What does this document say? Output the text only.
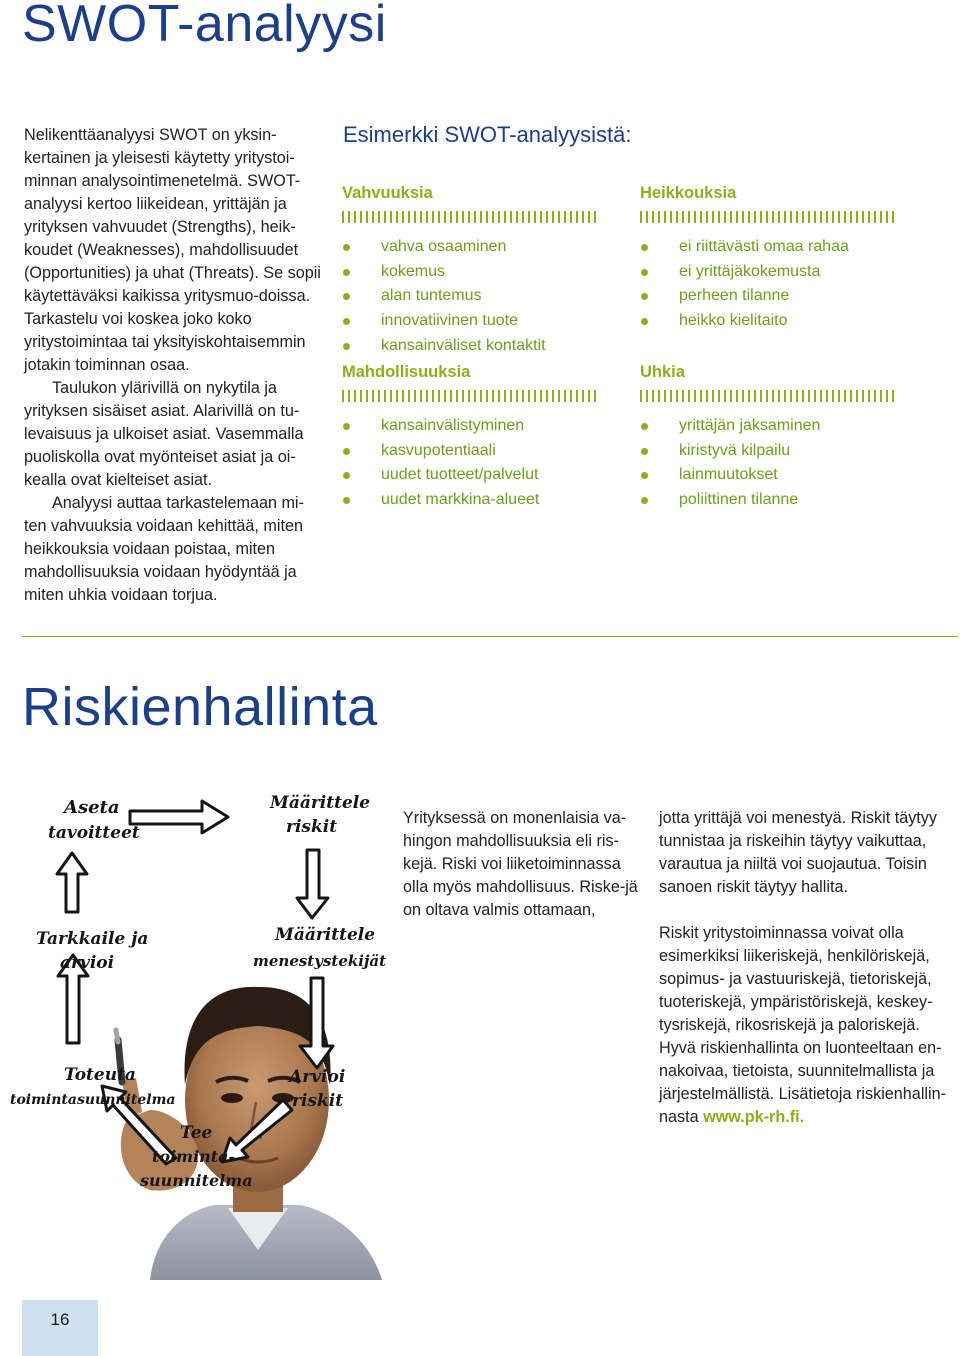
SWOT-analyysi

Nelikenttäanalyysi SWOT on yksin-kertainen ja yleisesti käytetty yritystoi-minnan analysointimenetelmä. SWOT-analyysi kertoo liikeidean, yrittäjän ja yrityksen vahvuudet (Strengths), heik-koudet (Weaknesses), mahdollisuudet (Opportunities) ja uhat (Threats). Se sopii käytettäväksi kaikissa yritysmuo-doissa. Tarkastelu voi koskea joko koko yritystoimintaa tai yksityiskohtaisemmin jotakin toiminnan osaa.

Taulukon ylärivillä on nykytila ja yrityksen sisäiset asiat. Alarivillä on tu-levaisuus ja ulkoiset asiat. Vasemmalla puoliskolla ovat myönteiset asiat ja oi-kealla ovat kielteiset asiat.

Analyysi auttaa tarkastelemaan mi-ten vahvuuksia voidaan kehittää, miten heikkouksia voidaan poistaa, miten mahdollisuuksia voidaan hyödyntää ja miten uhkia voidaan torjua.

Esimerkki SWOT-analyysistä:

Vahvuuksia

vahva osaaminen
kokemus
alan tuntemus
innovatiivinen tuote
kansainväliset kontaktit

Heikkouksia

ei riittävästi omaa rahaa
ei yrittäjäkokemusta
perheen tilanne
heikko kielitaito

Mahdollisuuksia

kansainvälistyminen
kasvupotentiaali
uudet tuotteet/palvelut
uudet markkina-alueet

Uhkia

yrittäjän jaksaminen
kiristyvä kilpailu
lainmuutokset
poliittinen tilanne
Riskienhallinta
Aseta
tavoitteet
Määrittele
riskit
Tarkkaile ja
arvioi
Määrittele
menestystekijät
Toteuta
toimintasuunnitelma
Arvioi
riskit
Tee
toiminta-
suunnitelma

Yrityksessä on monenlaisia va-hingon mahdollisuuksia eli ris-kejä. Riski voi liiketoiminnassa olla myös mahdollisuus. Riske-jä on oltava valmis ottamaan,

jotta yrittäjä voi menestyä. Riskit täytyy tunnistaa ja riskeihin täytyy vaikuttaa, varautua ja niiltä voi suojautua. Toisin sanoen riskit täytyy hallita.

Riskit yritystoiminnassa voivat olla esimerkiksi liikeriskejä, henkilöriskejä, sopimus- ja vastuuriskejä, tietoriskejä, tuoteriskejä, ympäristöriskejä, keskey-tysriskejä, rikosriskejä ja paloriskejä. Hyvä riskienhallinta on luonteeltaan en-nakoivaa, tietoista, suunnitelmallista ja järjestelmällistä. Lisätietoja riskienhallin-nasta www.pk-rh.fi.

16
